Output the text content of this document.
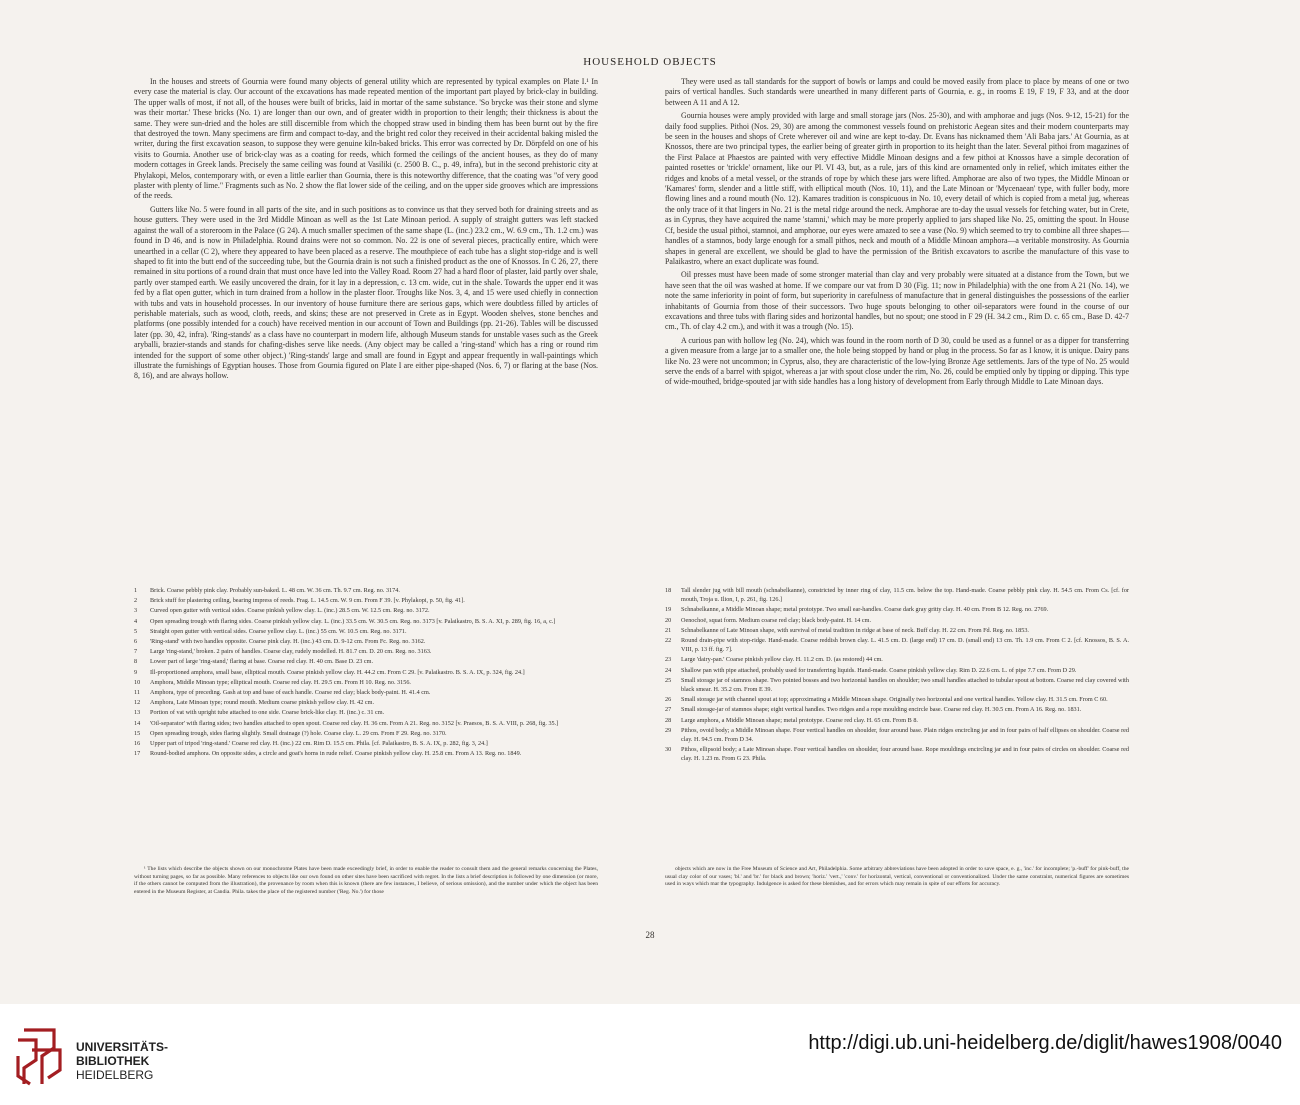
HOUSEHOLD OBJECTS

In the houses and streets of Gournia were found many objects of general utility which are represented by typical examples on Plate I.¹ In every case the material is clay. Our account of the excavations has made repeated mention of the important part played by brick-clay in building. The upper walls of most, if not all, of the houses were built of bricks, laid in mortar of the same substance. 'So brycke was their stone and slyme was their mortar.' These bricks (No. 1) are longer than our own, and of greater width in proportion to their length; their thickness is about the same. They were sun-dried and the holes are still discernible from which the chopped straw used in binding them has been burnt out by the fire that destroyed the town. Many specimens are firm and compact to-day, and the bright red color they received in their accidental baking misled the writer, during the first excavation season, to suppose they were genuine kiln-baked bricks. This error was corrected by Dr. Dörpfeld on one of his visits to Gournia. Another use of brick-clay was as a coating for reeds, which formed the ceilings of the ancient houses, as they do of many modern cottages in Greek lands. Precisely the same ceiling was found at Vasiliki (c. 2500 B. C., p. 49, infra), but in the second prehistoric city at Phylakopi, Melos, contemporary with, or even a little earlier than Gournia, there is this noteworthy difference, that the coating was "of very good plaster with plenty of lime." Fragments such as No. 2 show the flat lower side of the ceiling, and on the upper side grooves which are impressions of the reeds.

Gutters like No. 5 were found in all parts of the site, and in such positions as to convince us that they served both for draining streets and as house gutters. They were used in the 3rd Middle Minoan as well as the 1st Late Minoan period. A supply of straight gutters was left stacked against the wall of a storeroom in the Palace (G 24). A much smaller specimen of the same shape (L. (inc.) 23.2 cm., W. 6.9 cm., Th. 1.2 cm.) was found in D 46, and is now in Philadelphia. Round drains were not so common. No. 22 is one of several pieces, practically entire, which were unearthed in a cellar (C 2), where they appeared to have been placed as a reserve. The mouthpiece of each tube has a slight stop-ridge and is well shaped to fit into the butt end of the succeeding tube, but the Gournia drain is not such a finished product as the one of Knossos. In C 26, 27, there remained in situ portions of a round drain that must once have led into the Valley Road. Room 27 had a hard floor of plaster, laid partly over shale, partly over stamped earth. We easily uncovered the drain, for it lay in a depression, c. 13 cm. wide, cut in the shale. Towards the upper end it was fed by a flat open gutter, which in turn drained from a hollow in the plaster floor. Troughs like Nos. 3, 4, and 15 were used chiefly in connection with tubs and vats in household processes. In our inventory of house furniture there are serious gaps, which were doubtless filled by articles of perishable materials, such as wood, cloth, reeds, and skins; these are not preserved in Crete as in Egypt. Wooden shelves, stone benches and platforms (one possibly intended for a couch) have received mention in our account of Town and Buildings (pp. 21-26). Tables will be discussed later (pp. 30, 42, infra). 'Ring-stands' as a class have no counterpart in modern life, although Museum stands for unstable vases such as the Greek aryballi, brazier-stands and stands for chafing-dishes serve like needs. (Any object may be called a 'ring-stand' which has a ring or round rim intended for the support of some other object.) 'Ring-stands' large and small are found in Egypt and appear frequently in wall-paintings which illustrate the furnishings of Egyptian houses. Those from Gournia figured on Plate I are either pipe-shaped (Nos. 6, 7) or flaring at the base (Nos. 8, 16), and are always hollow.

They were used as tall standards for the support of bowls or lamps and could be moved easily from place to place by means of one or two pairs of vertical handles. Such standards were unearthed in many different parts of Gournia, e. g., in rooms E 19, F 19, F 33, and at the door between A 11 and A 12.

Gournia houses were amply provided with large and small storage jars (Nos. 25-30), and with amphorae and jugs (Nos. 9-12, 15-21) for the daily food supplies. Pithoi (Nos. 29, 30) are among the commonest vessels found on prehistoric Aegean sites and their modern counterparts may be seen in the houses and shops of Crete wherever oil and wine are kept to-day. Dr. Evans has nicknamed them 'Ali Baba jars.' At Gournia, as at Knossos, there are two principal types, the earlier being of greater girth in proportion to its height than the later. Several pithoi from magazines of the First Palace at Phaestos are painted with very effective Middle Minoan designs and a few pithoi at Knossos have a simple decoration of painted rosettes or 'trickle' ornament, like our Pl. VI 43, but, as a rule, jars of this kind are ornamented only in relief, which imitates either the ridges and knobs of a metal vessel, or the strands of rope by which these jars were lifted. Amphorae are also of two types, the Middle Minoan or 'Kamares' form, slender and a little stiff, with elliptical mouth (Nos. 10, 11), and the Late Minoan or 'Mycenaean' type, with fuller body, more flowing lines and a round mouth (No. 12). Kamares tradition is conspicuous in No. 10, every detail of which is copied from a metal jug, whereas the only trace of it that lingers in No. 21 is the metal ridge around the neck. Amphorae are to-day the usual vessels for fetching water, but in Crete, as in Cyprus, they have acquired the name 'stamni,' which may be more properly applied to jars shaped like No. 25, omitting the spout. In House Cf, beside the usual pithoi, stamnoi, and amphorae, our eyes were amazed to see a vase (No. 9) which seemed to try to combine all three shapes—handles of a stamnos, body large enough for a small pithos, neck and mouth of a Middle Minoan amphora—a veritable monstrosity. As Gournia shapes in general are excellent, we should be glad to have the permission of the British excavators to ascribe the manufacture of this vase to Palaikastro, where an exact duplicate was found.

Oil presses must have been made of some stronger material than clay and very probably were situated at a distance from the Town, but we have seen that the oil was washed at home. If we compare our vat from D 30 (Fig. 11; now in Philadelphia) with the one from A 21 (No. 14), we note the same inferiority in point of form, but superiority in carefulness of manufacture that in general distinguishes the possessions of the earlier inhabitants of Gournia from those of their successors. Two huge spouts belonging to other oil-separators were found in the course of our excavations and three tubs with flaring sides and horizontal handles, but no spout; one stood in F 29 (H. 34.2 cm., Rim D. c. 65 cm., Base D. 42-7 cm., Th. of clay 4.2 cm.), and with it was a trough (No. 15).

A curious pan with hollow leg (No. 24), which was found in the room north of D 30, could be used as a funnel or as a dipper for transferring a given measure from a large jar to a smaller one, the hole being stopped by hand or plug in the process. So far as I know, it is unique. Dairy pans like No. 23 were not uncommon; in Cyprus, also, they are characteristic of the low-lying Bronze Age settlements. Jars of the type of No. 25 would serve the ends of a barrel with spigot, whereas a jar with spout close under the rim, No. 26, could be emptied only by tipping or dipping. This type of wide-mouthed, bridge-spouted jar with side handles has a long history of development from Early through Middle to Late Minoan days.

1	Brick. Coarse pebbly pink clay. Probably sun-baked. L. 48 cm. W. 36 cm. Th. 9.7 cm. Reg. no. 3174.
2	Brick stuff for plastering ceiling, bearing impress of reeds. Frag. L. 14.5 cm. W. 9 cm. From F 39. [v. Phylakopi, p. 50, fig. 41].
3	Curved open gutter with vertical sides. Coarse pinkish yellow clay. L. (inc.) 28.5 cm. W. 12.5 cm. Reg. no. 3172.
4	Open spreading trough with flaring sides. Coarse pinkish yellow clay. L. (inc.) 33.5 cm. W. 30.5 cm. Reg. no. 3173 [v. Palaikastro, B. S. A. XI, p. 289, fig. 16, a, c.]
5	Straight open gutter with vertical sides. Coarse yellow clay. L. (inc.) 55 cm. W. 10.5 cm. Reg. no. 3171.
6	'Ring-stand' with two handles opposite. Coarse pink clay. H. (inc.) 43 cm. D. 9-12 cm. From Fc. Reg. no. 3162.
7	Large 'ring-stand,' broken. 2 pairs of handles. Coarse clay, rudely modelled. H. 81.7 cm. D. 20 cm. Reg. no. 3163.
8	Lower part of large 'ring-stand,' flaring at base. Coarse red clay. H. 40 cm. Base D. 23 cm.
9	Ill-proportioned amphora, small base, elliptical mouth. Coarse pinkish yellow clay. H. 44.2 cm. From C 29. [v. Palaikastro. B. S. A. IX, p. 324, fig. 24.]
10	Amphora, Middle Minoan type; elliptical mouth. Coarse red clay. H. 29.5 cm. From H 10. Reg. no. 3156.
11	Amphora, type of preceding. Gash at top and base of each handle. Coarse red clay; black body-paint. H. 41.4 cm.
12	Amphora, Late Minoan type; round mouth. Medium coarse pinkish yellow clay. H. 42 cm.
13	Portion of vat with upright tube attached to one side. Coarse brick-like clay. H. (inc.) c. 31 cm.
14	'Oil-separator' with flaring sides; two handles attached to open spout. Coarse red clay. H. 36 cm. From A 21. Reg. no. 3152 [v. Praesos, B. S. A. VIII, p. 268, fig. 35.]
15	Open spreading trough, sides flaring slightly. Small drainage (?) hole. Coarse clay. L. 29 cm. From F 29. Reg. no. 3170.
16	Upper part of tripod 'ring-stand.' Coarse red clay. H. (inc.) 22 cm. Rim D. 15.5 cm. Phila. [cf. Palaikastro, B. S. A. IX, p. 282, fig. 3, 24.]
17	Round-bodied amphora. On opposite sides, a circle and goat's horns in rude relief. Coarse pinkish yellow clay. H. 25.8 cm. From A 13. Reg. no. 1849.
18	Tall slender jug with bill mouth (schnabelkanne), constricted by inner ring of clay, 11.5 cm. below the top. Hand-made. Coarse pebbly pink clay. H. 54.5 cm. From Cs. [cf. for mouth, Troja u. Ilion, I, p. 261, fig. 126.]
19	Schnabelkanne, a Middle Minoan shape; metal prototype. Two small ear-handles. Coarse dark gray gritty clay. H. 40 cm. From B 12. Reg. no. 2769.
20	Oenochoë, squat form. Medium coarse red clay; black body-paint. H. 14 cm.
21	Schnabelkanne of Late Minoan shape, with survival of metal tradition in ridge at base of neck. Buff clay. H. 22 cm. From Fd. Reg. no. 1853.
22	Round drain-pipe with stop-ridge. Hand-made. Coarse reddish brown clay. L. 41.5 cm. D. (large end) 17 cm. D. (small end) 13 cm. Th. 1.9 cm. From C 2. [cf. Knossos, B. S. A. VIII, p. 13 ff. fig. 7].
23	Large 'dairy-pan.' Coarse pinkish yellow clay. H. 11.2 cm. D. (as restored) 44 cm.
24	Shallow pan with pipe attached, probably used for transferring liquids. Hand-made. Coarse pinkish yellow clay. Rim D. 22.6 cm. L. of pipe 7.7 cm. From D 29.
25	Small storage jar of stamnos shape. Two pointed bosses and two horizontal handles on shoulder; two small handles attached to tubular spout at bottom. Coarse red clay covered with black smear. H. 35.2 cm. From E 39.
26	Small storage jar with channel spout at top; approximating a Middle Minoan shape. Originally two horizontal and one vertical handles. Yellow clay. H. 31.5 cm. From C 60.
27	Small storage-jar of stamnos shape; eight vertical handles. Two ridges and a rope moulding encircle base. Coarse red clay. H. 30.5 cm. From A 16. Reg. no. 1831.
28	Large amphora, a Middle Minoan shape; metal prototype. Coarse red clay. H. 65 cm. From B 8.
29	Pithos, ovoid body; a Middle Minoan shape. Four vertical handles on shoulder, four around base. Plain ridges encircling jar and in four pairs of half ellipses on shoulder. Coarse red clay. H. 94.5 cm. From D 34.
30	Pithos, ellipsoid body; a Late Minoan shape. Four vertical handles on shoulder, four around base. Rope mouldings encircling jar and in four pairs of circles on shoulder. Coarse red clay. H. 1.23 m. From G 23. Phila.

¹ The lists which describe the objects shown on our monochrome Plates have been made exceedingly brief, in order to enable the reader to consult them and the general remarks concerning the Plates, without turning pages, so far as possible. Many references to objects like our own found on other sites have been sacrificed with regret. In the lists a brief description is followed by one dimension (or more, if the others cannot be computed from the illustration), the provenance by room when this is known (there are few instances, I believe, of serious omission), and the number under which the object has been entered in the Museum Register, at Candia. Phila. takes the place of the registered number ('Reg. No.') for those

objects which are now in the Free Museum of Science and Art, Philadelphia. Some arbitrary abbreviations have been adopted in order to save space, e. g., 'inc.' for incomplete; 'p.-buff' for pink-buff, the usual clay color of our vases; 'bl.' and 'br.' for black and brown; 'horiz.' 'vert.,' 'conv.' for horizontal, vertical, conventional or conventionalized. Under the same constraint, numerical figures are sometimes used in ways which mar the typography. Indulgence is asked for these blemishes, and for errors which may remain in spite of our efforts for accuracy.

28
UNIVERSITÄTS-
BIBLIOTHEK
HEIDELBERG
http://digi.ub.uni-heidelberg.de/diglit/hawes1908/0040
